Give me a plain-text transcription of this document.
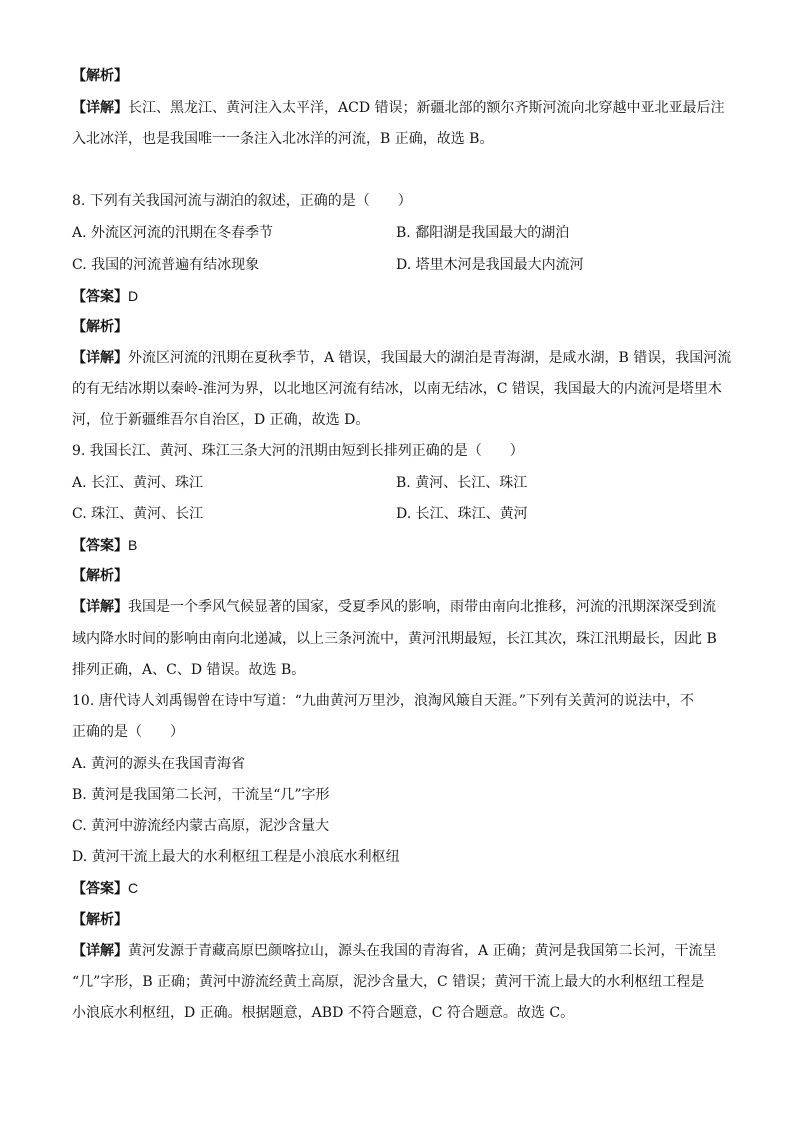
【解析】
【详解】长江、黑龙江、黄河注入太平洋，ACD 错误；新疆北部的额尔齐斯河流向北穿越中亚北亚最后注
入北冰洋，也是我国唯一一条注入北冰洋的河流，B 正确，故选 B。
8. 下列有关我国河流与湖泊的叙述，正确的是（　　）
A. 外流区河流的汛期在冬春季节	B. 鄱阳湖是我国最大的湖泊
C. 我国的河流普遍有结冰现象	D. 塔里木河是我国最大内流河
【答案】D
【解析】
【详解】外流区河流的汛期在夏秋季节，A 错误，我国最大的湖泊是青海湖，是咸水湖，B 错误，我国河流
的有无结冰期以秦岭-淮河为界，以北地区河流有结冰，以南无结冰，C 错误，我国最大的内流河是塔里木
河，位于新疆维吾尔自治区，D 正确，故选 D。
9. 我国长江、黄河、珠江三条大河的汛期由短到长排列正确的是（　　）
A. 长江、黄河、珠江	B. 黄河、长江、珠江
C. 珠江、黄河、长江	D. 长江、珠江、黄河
【答案】B
【解析】
【详解】我国是一个季风气候显著的国家，受夏季风的影响，雨带由南向北推移，河流的汛期深深受到流
域内降水时间的影响由南向北递减，以上三条河流中，黄河汛期最短，长江其次，珠江汛期最长，因此 B
排列正确，A、C、D 错误。故选 B。
10. 唐代诗人刘禹锡曾在诗中写道：“九曲黄河万里沙，浪淘风簸自天涯。”下列有关黄河的说法中，不
正确的是（　　）
A. 黄河的源头在我国青海省
B. 黄河是我国第二长河，干流呈“几”字形
C. 黄河中游流经内蒙古高原，泥沙含量大
D. 黄河干流上最大的水利枢纽工程是小浪底水利枢纽
【答案】C
【解析】
【详解】黄河发源于青藏高原巴颜喀拉山，源头在我国的青海省，A 正确；黄河是我国第二长河，干流呈
“几”字形，B 正确；黄河中游流经黄土高原，泥沙含量大，C 错误；黄河干流上最大的水利枢纽工程是
小浪底水利枢纽，D 正确。根据题意，ABD 不符合题意，C 符合题意。故选 C。
